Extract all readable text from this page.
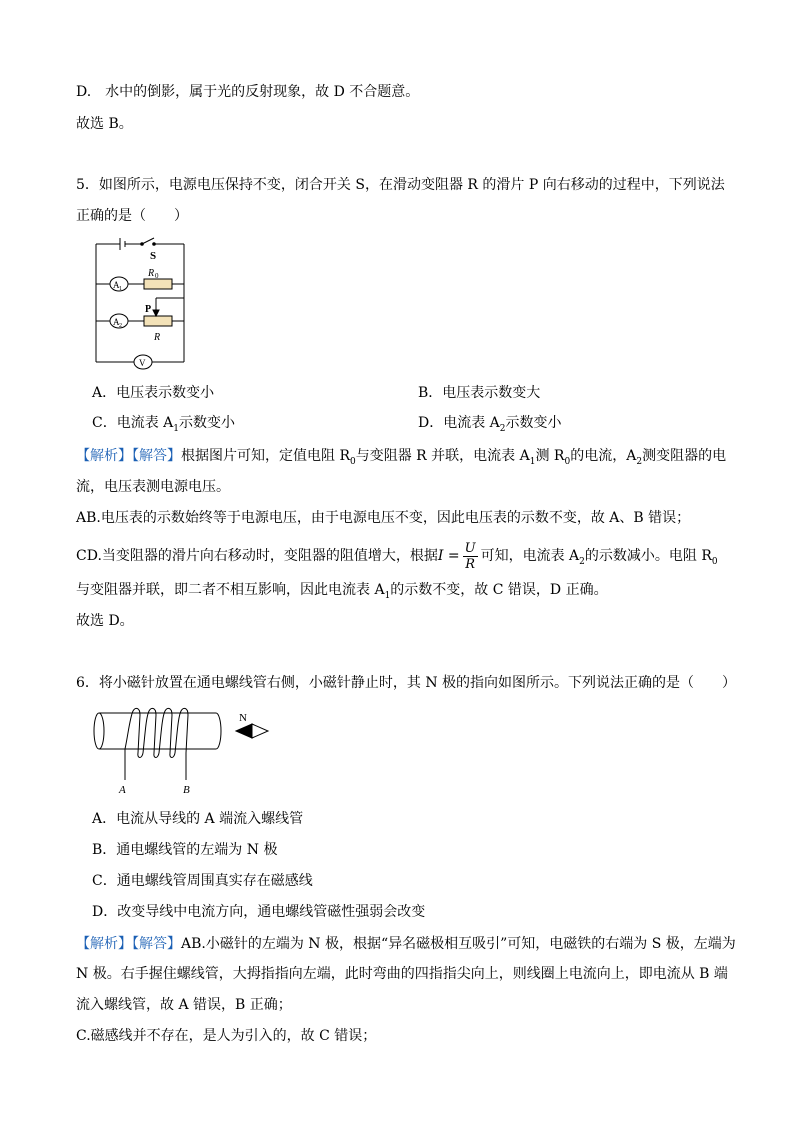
D.　水中的倒影，属于光的反射现象，故 D 不合题意。
故选 B。
5．如图所示，电源电压保持不变，闭合开关 S，在滑动变阻器 R 的滑片 P 向右移动的过程中，下列说法
正确的是（　　）
S
R 0
A 1
A 2
P
R
V
A．电压表示数变小	B．电压表示数变大
C．电流表 $A_1$示数变小	D．电流表 $A_2$示数变小
【解析】【解答】根据图片可知，定值电阻 $R_0$与变阻器 R 并联，电流表 $A_1$测 $R_0$的电流，$A_2$测变阻器的电
流，电压表测电源电压。
AB.电压表的示数始终等于电源电压，由于电源电压不变，因此电压表的示数不变，故 A、B 错误；
CD.当变阻器的滑片向右移动时，变阻器的阻值增大，根据$I = \frac{U}{R}$ 可知，电流表 $A_2$的示数减小。电阻 $R_0$
与变阻器并联，即二者不相互影响，因此电流表 $A_1$的示数不变，故 C 错误，D 正确。
故选 D。
6．将小磁针放置在通电螺线管右侧，小磁针静止时，其 N 极的指向如图所示。下列说法正确的是（　　）
N
A	B
A．电流从导线的 A 端流入螺线管
B．通电螺线管的左端为 N 极
C．通电螺线管周围真实存在磁感线
D．改变导线中电流方向，通电螺线管磁性强弱会改变
【解析】【解答】AB.小磁针的左端为 N 极，根据“异名磁极相互吸引”可知，电磁铁的右端为 S 极，左端为
N 极。右手握住螺线管，大拇指指向左端，此时弯曲的四指指尖向上，则线圈上电流向上，即电流从 B 端
流入螺线管，故 A 错误，B 正确；
C.磁感线并不存在，是人为引入的，故 C 错误；
